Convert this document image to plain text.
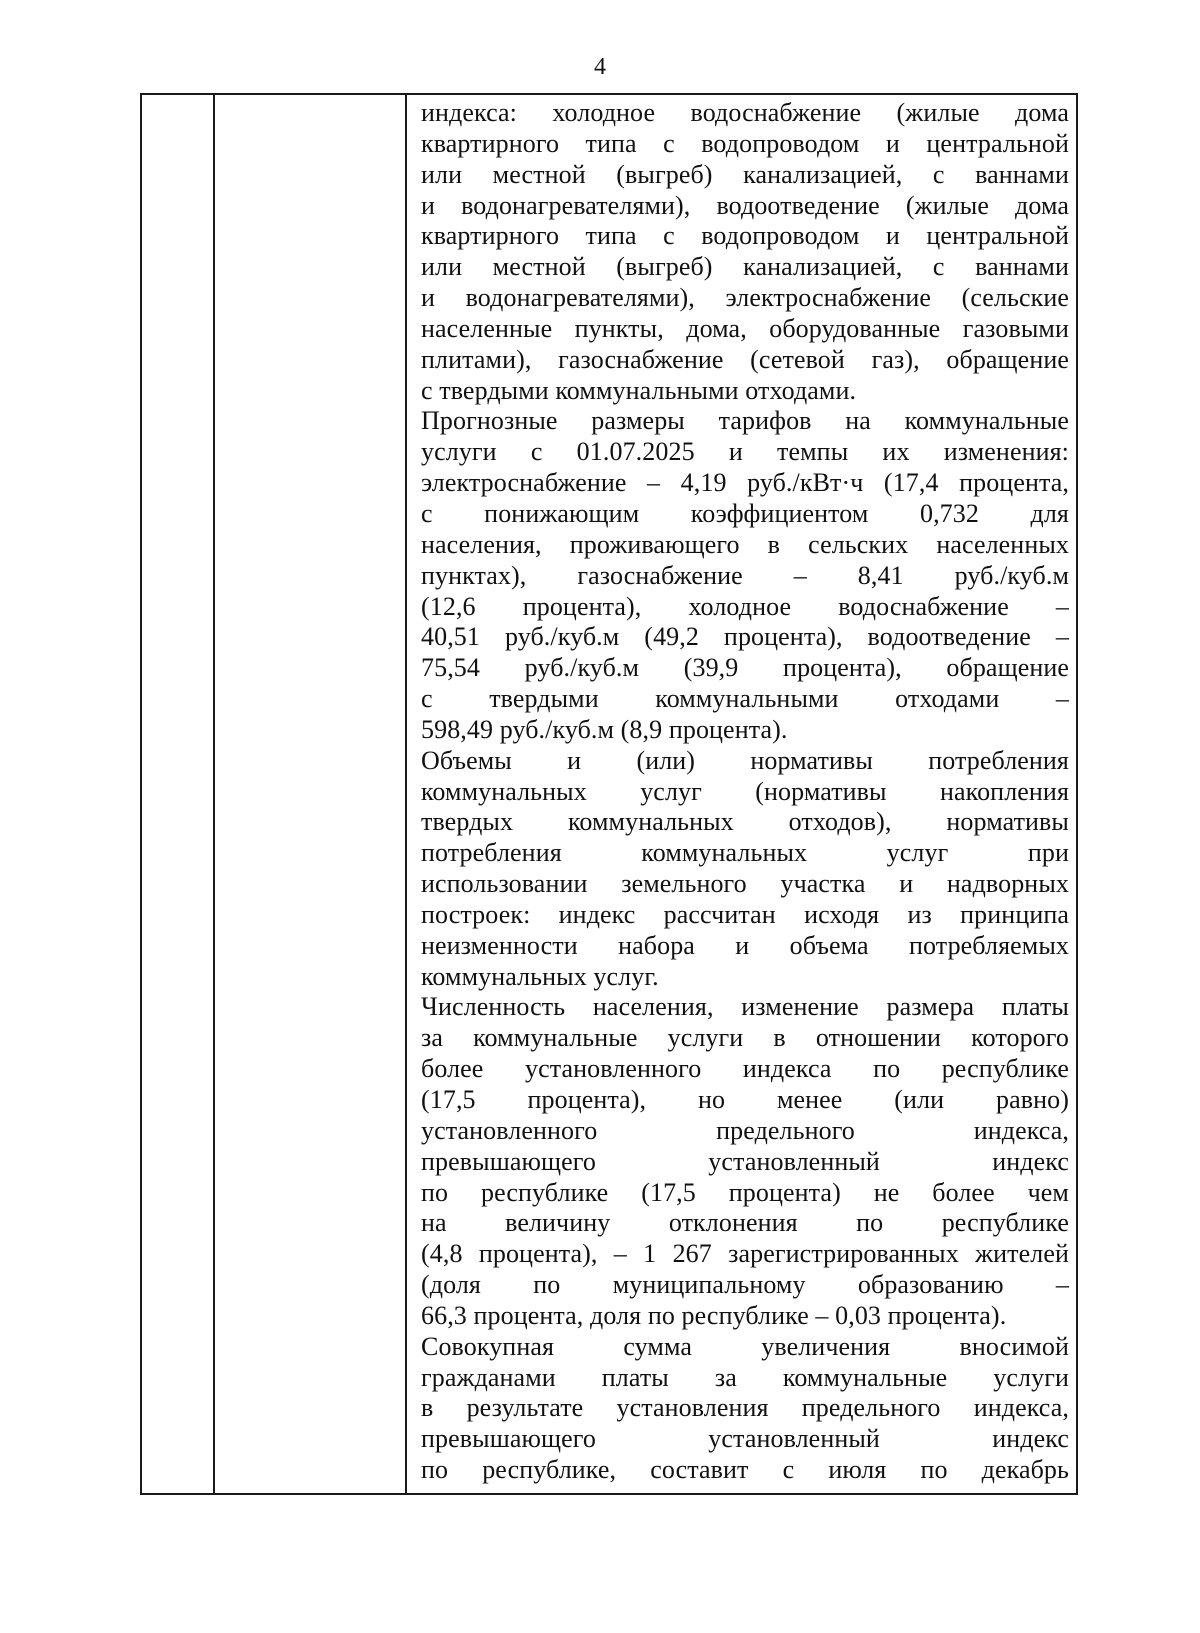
4
индекса: холодное водоснабжение (жилые дома
квартирного типа с водопроводом и центральной
или местной (выгреб) канализацией, с ваннами
и водонагревателями), водоотведение (жилые дома
квартирного типа с водопроводом и центральной
или местной (выгреб) канализацией, с ваннами
и водонагревателями), электроснабжение (сельские
населенные пункты, дома, оборудованные газовыми
плитами), газоснабжение (сетевой газ), обращение
с твердыми коммунальными отходами.
Прогнозные размеры тарифов на коммунальные
услуги с 01.07.2025 и темпы их изменения:
электроснабжение – 4,19 руб./кВт·ч (17,4 процента,
с понижающим коэффициентом 0,732 для
населения, проживающего в сельских населенных
пунктах), газоснабжение – 8,41 руб./куб.м
(12,6 процента), холодное водоснабжение –
40,51 руб./куб.м (49,2 процента), водоотведение –
75,54 руб./куб.м (39,9 процента), обращение
с твердыми коммунальными отходами –
598,49 руб./куб.м (8,9 процента).
Объемы и (или) нормативы потребления
коммунальных услуг (нормативы накопления
твердых коммунальных отходов), нормативы
потребления коммунальных услуг при
использовании земельного участка и надворных
построек: индекс рассчитан исходя из принципа
неизменности набора и объема потребляемых
коммунальных услуг.
Численность населения, изменение размера платы
за коммунальные услуги в отношении которого
более установленного индекса по республике
(17,5 процента), но менее (или равно)
установленного предельного индекса,
превышающего установленный индекс
по республике (17,5 процента) не более чем
на величину отклонения по республике
(4,8 процента), – 1 267 зарегистрированных жителей
(доля по муниципальному образованию –
66,3 процента, доля по республике – 0,03 процента).
Совокупная сумма увеличения вносимой
гражданами платы за коммунальные услуги
в результате установления предельного индекса,
превышающего установленный индекс
по республике, составит с июля по декабрь
